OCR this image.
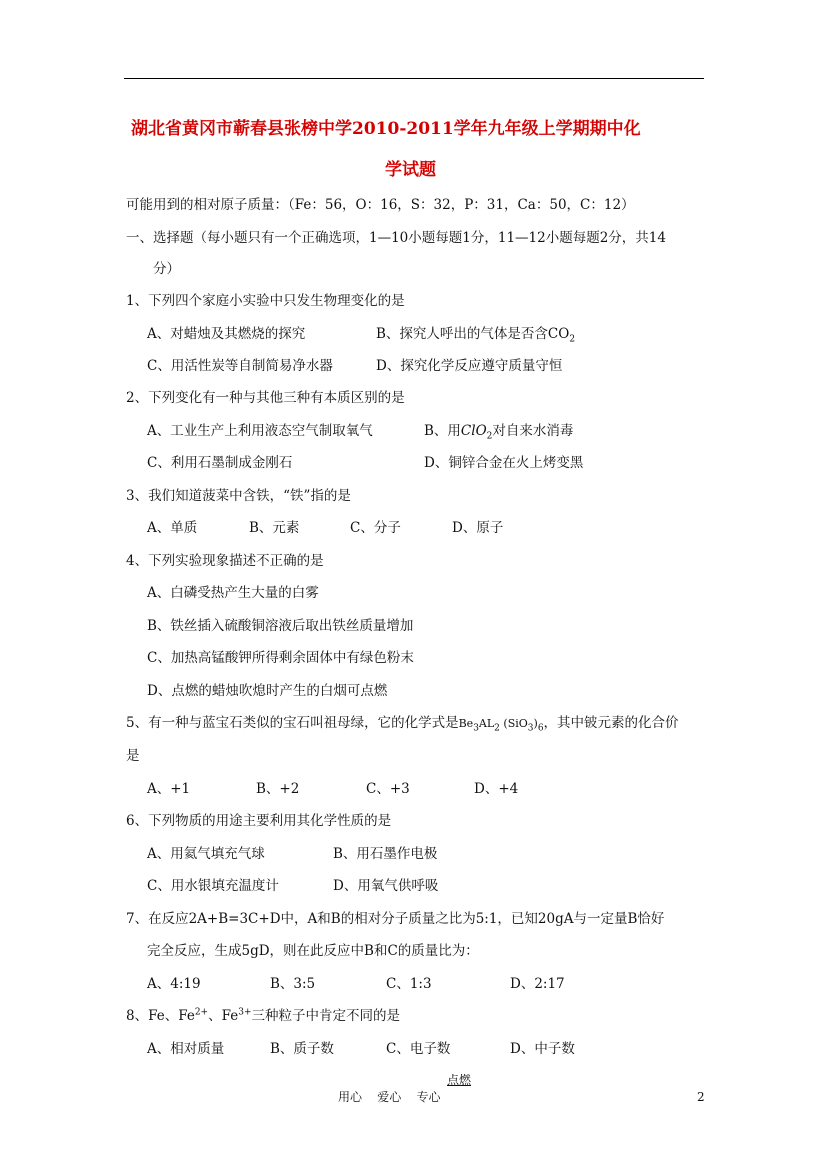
湖北省黄冈市蕲春县张榜中学2010-2011学年九年级上学期期中化
学试题
可能用到的相对原子质量：（Fe：56，O：16，S：32，P：31，Ca：50，C：12）
一、选择题（每小题只有一个正确选项，1—10小题每题1分，11—12小题每题2分，共14
分）
1、下列四个家庭小实验中只发生物理变化的是
A、对蜡烛及其燃烧的探究	B、探究人呼出的气体是否含$CO_2$
C、用活性炭等自制简易净水器	D、探究化学反应遵守质量守恒
2、下列变化有一种与其他三种有本质区别的是
A、工业生产上利用液态空气制取氧气	B、用ClO$_2$对自来水消毒
C、利用石墨制成金刚石	D、铜锌合金在火上烤变黑
3、我们知道菠菜中含铁，“铁”指的是
A、单质	B、元素	C、分子	D、原子
4、下列实验现象描述不正确的是
A、白磷受热产生大量的白雾
B、铁丝插入硫酸铜溶液后取出铁丝质量增加
C、加热高锰酸钾所得剩余固体中有绿色粉末
D、点燃的蜡烛吹熄时产生的白烟可点燃
5、有一种与蓝宝石类似的宝石叫祖母绿，它的化学式是$Be_3AL_2$ $(SiO_3)_6$，其中铍元素的化合价
是
A、+1	B、+2	C、+3	D、+4
6、下列物质的用途主要利用其化学性质的是
A、用氦气填充气球	B、用石墨作电极
C、用水银填充温度计	D、用氧气供呼吸
7、在反应2A+B=3C+D中，A和B的相对分子质量之比为5:1，已知20gA与一定量B恰好
完全反应，生成5gD，则在此反应中B和C的质量比为：
A、4:19	B、3:5	C、1:3	D、2:17
8、Fe、$Fe^{2+}$、$Fe^{3+}$三种粒子中肯定不同的是
A、相对质量	B、质子数	C、电子数	D、中子数
点燃
用心    爱心    专心	2
